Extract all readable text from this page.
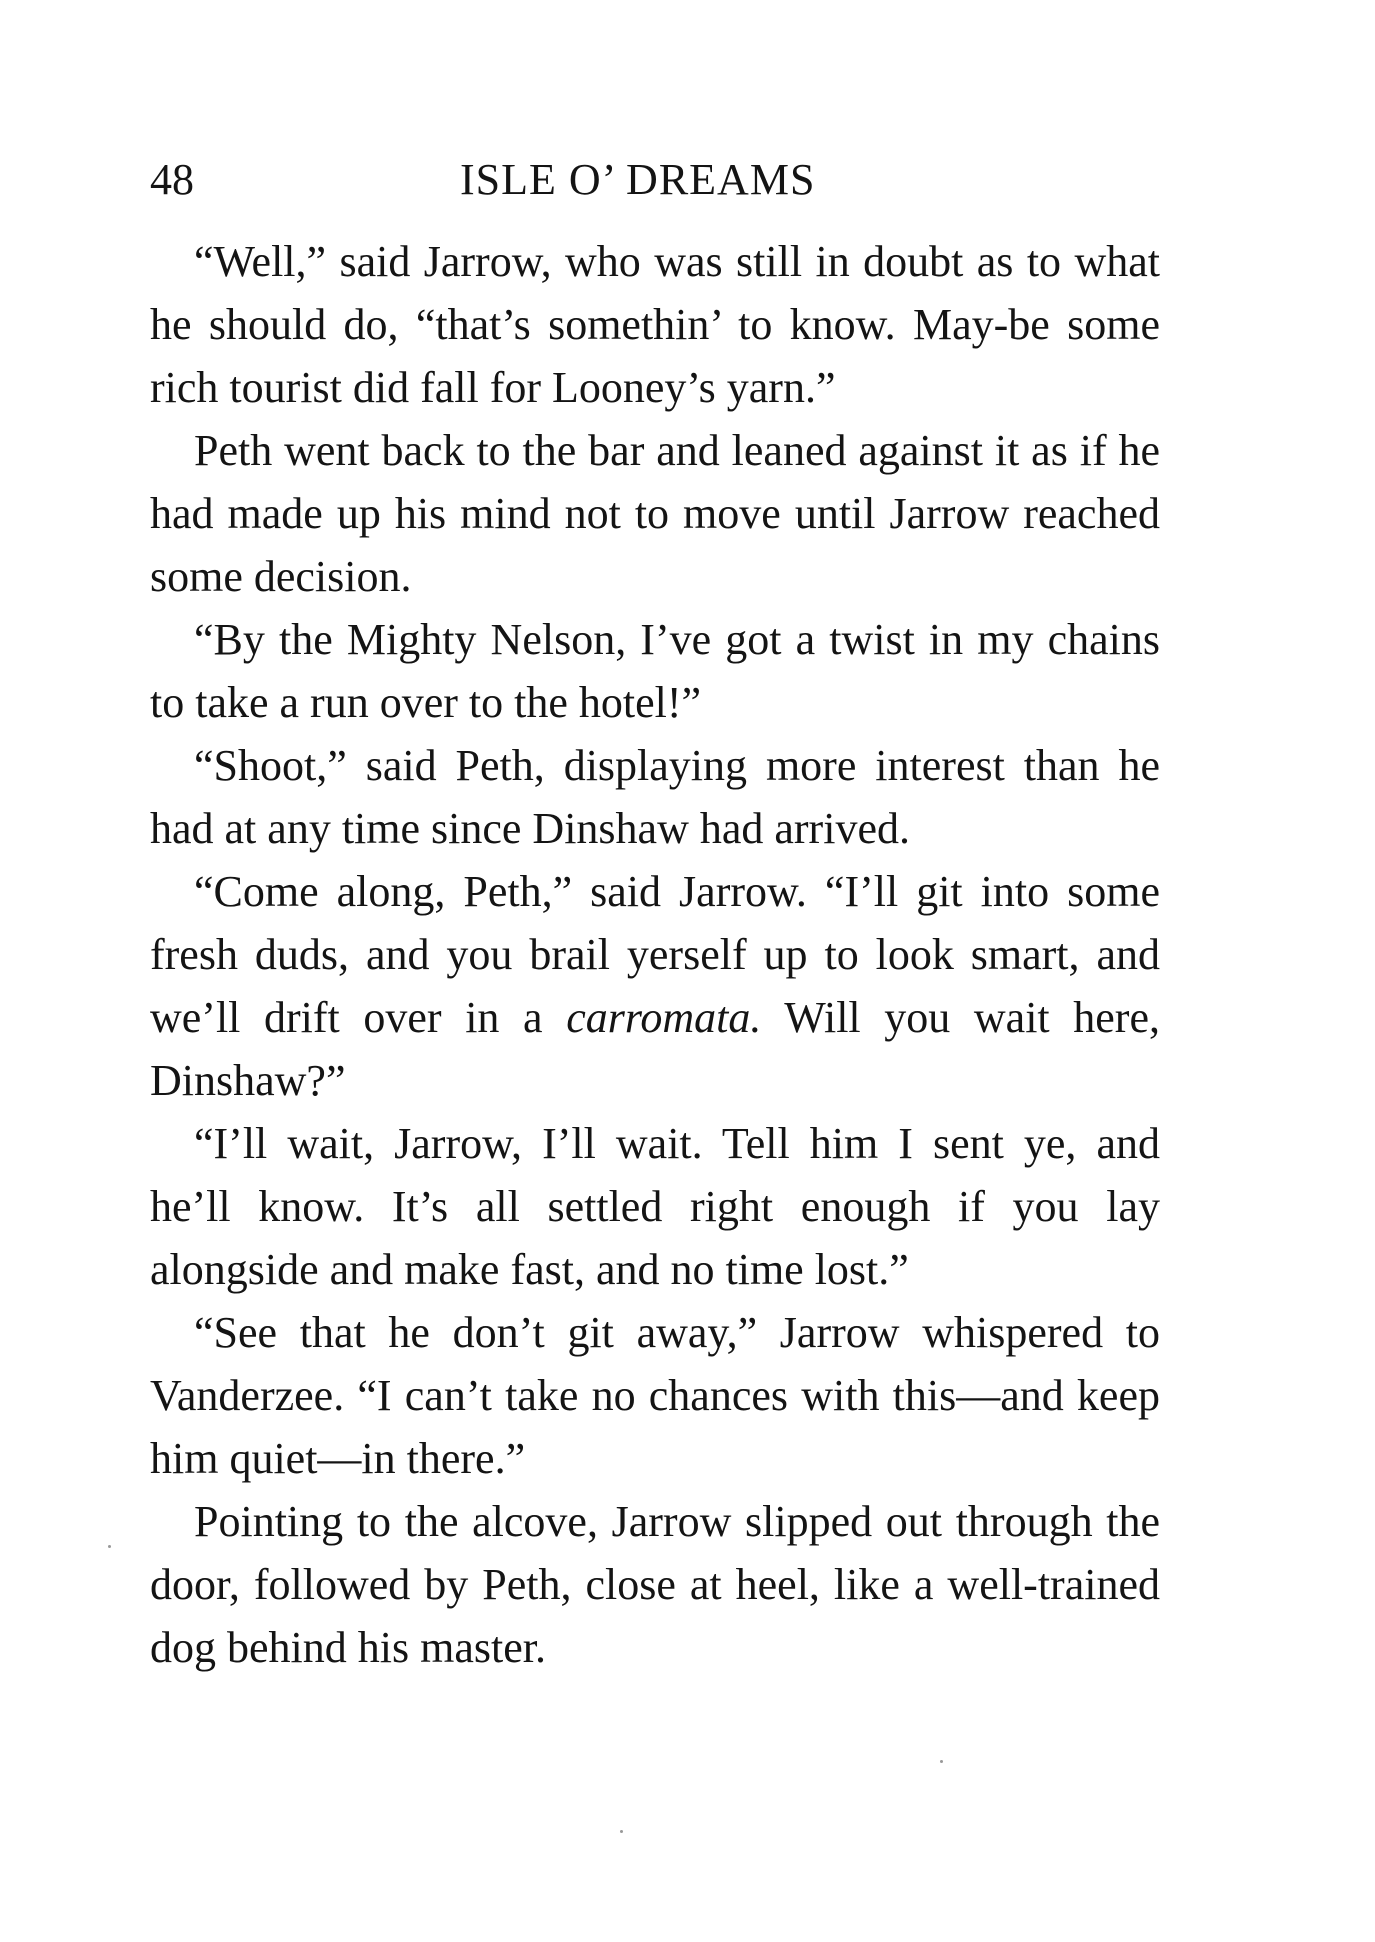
48	ISLE O’ DREAMS

“Well,” said Jarrow, who was still in doubt as to what he should do, “that’s somethin’ to know. May-be some rich tourist did fall for Looney’s yarn.”

Peth went back to the bar and leaned against it as if he had made up his mind not to move until Jarrow reached some decision.

“By the Mighty Nelson, I’ve got a twist in my chains to take a run over to the hotel!”

“Shoot,” said Peth, displaying more interest than he had at any time since Dinshaw had arrived.

“Come along, Peth,” said Jarrow. “I’ll git into some fresh duds, and you brail yerself up to look smart, and we’ll drift over in a carromata. Will you wait here, Dinshaw?”

“I’ll wait, Jarrow, I’ll wait. Tell him I sent ye, and he’ll know. It’s all settled right enough if you lay alongside and make fast, and no time lost.”

“See that he don’t git away,” Jarrow whispered to Vanderzee. “I can’t take no chances with this—and keep him quiet—in there.”

Pointing to the alcove, Jarrow slipped out through the door, followed by Peth, close at heel, like a well-trained dog behind his master.
